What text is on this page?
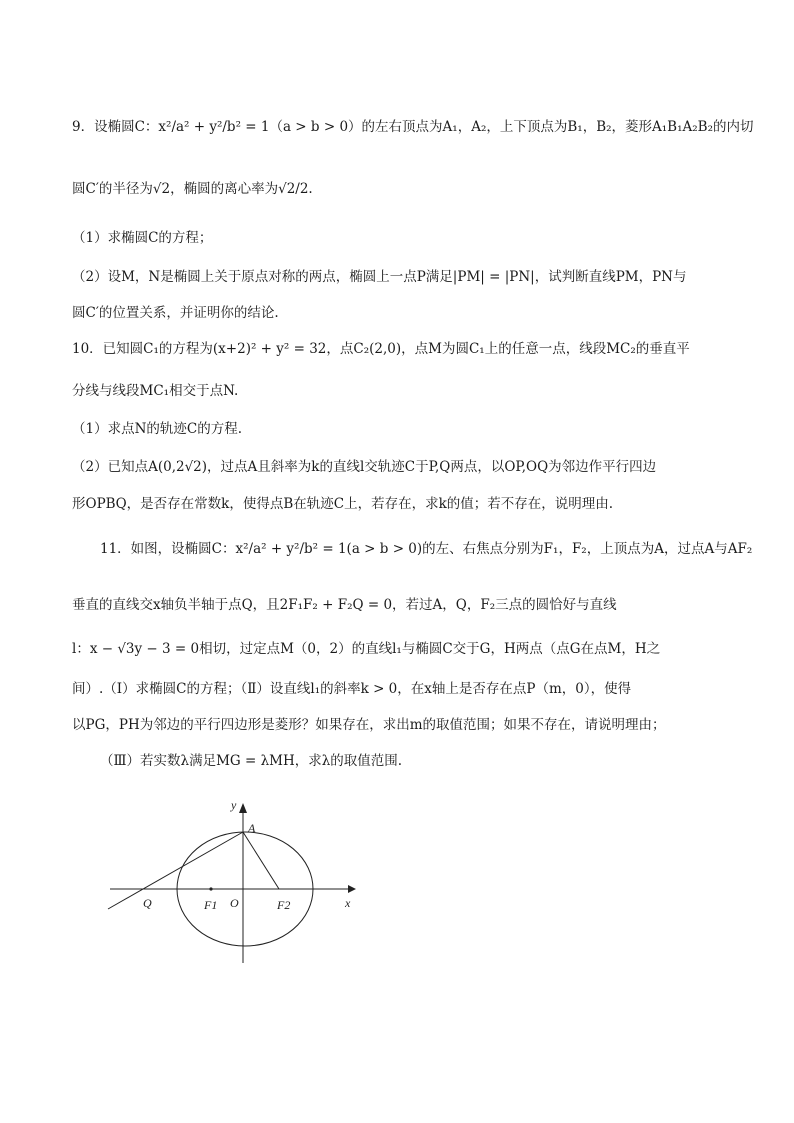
9．设椭圆C：x²/a² + y²/b² = 1（a > b > 0）的左右顶点为A₁，A₂，上下顶点为B₁，B₂，菱形A₁B₁A₂B₂的内切
圆C′的半径为√2，椭圆的离心率为√2/2.
（1）求椭圆C的方程；
（2）设M，N是椭圆上关于原点对称的两点，椭圆上一点P满足|PM| = |PN|，试判断直线PM，PN与
圆C′的位置关系，并证明你的结论.
10．已知圆C₁的方程为(x+2)² + y² = 32，点C₂(2,0)，点M为圆C₁上的任意一点，线段MC₂的垂直平
分线与线段MC₁相交于点N.
（1）求点N的轨迹C的方程.
（2）已知点A(0,2√2)，过点A且斜率为k的直线l交轨迹C于P,Q两点，以OP,OQ为邻边作平行四边
形OPBQ，是否存在常数k，使得点B在轨迹C上，若存在，求k的值；若不存在，说明理由.
11．如图，设椭圆C：x²/a² + y²/b² = 1(a > b > 0)的左、右焦点分别为F₁，F₂，上顶点为A，过点A与AF₂
垂直的直线交x轴负半轴于点Q，且2F₁F₂ + F₂Q = 0，若过A，Q，F₂三点的圆恰好与直线
l：x − √3y − 3 = 0相切，过定点M（0，2）的直线l₁与椭圆C交于G，H两点（点G在点M，H之
间）.（Ⅰ）求椭圆C的方程；（Ⅱ）设直线l₁的斜率k > 0，在x轴上是否存在点P（m，0），使得
以PG，PH为邻边的平行四边形是菱形？如果存在，求出m的取值范围；如果不存在，请说明理由；
（Ⅲ）若实数λ满足MG = λMH，求λ的取值范围.
y
A
x
Q	F1 O	F2
